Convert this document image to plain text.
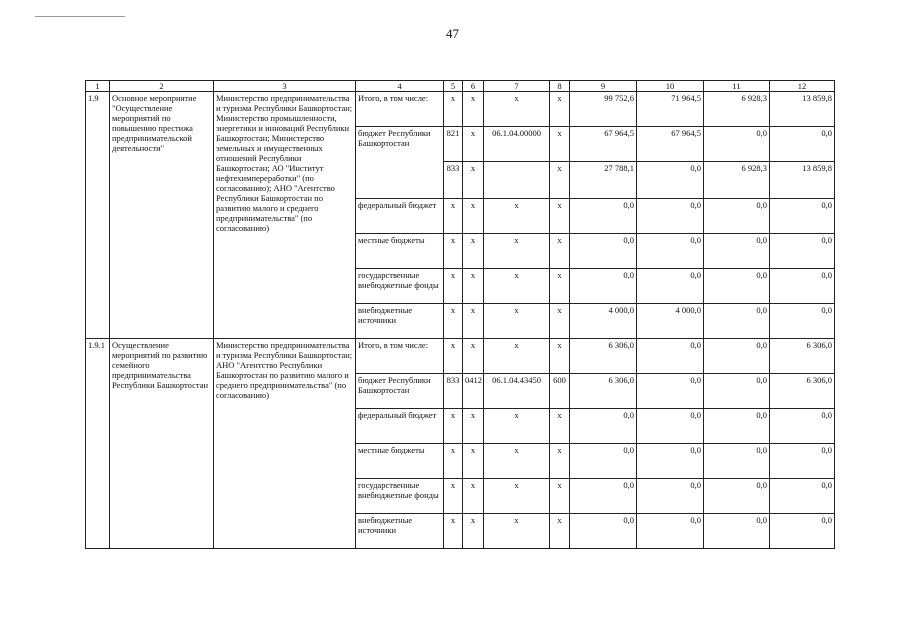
47
1	2	3	4	5	6	7	8	9	10	11	12
1.9	Основное мероприятие "Осуществление мероприятий по повышению престижа предпринимательской деятельности"	Министерство предпринимательства и туризма Республики Башкортостан; Министерство промышленности, энергетики и инноваций Республики Башкортостан; Министерство земельных и имущественных отношений Республики Башкортостан; АО "Институт нефтехимпереработки" (по согласованию); АНО "Агентство Республики Башкортостан по развитию малого и среднего предпринимательства" (по согласованию)	Итого, в том числе:	х	х	х	х	99 752,6	71 964,5	6 928,3	13 859,8
			бюджет Республики Башкортостан	821	х	06.1.04.00000	х	67 964,5	67 964,5	0,0	0,0
				833	х		х	27 788,1	0,0	6 928,3	13 859,8
			федеральный бюджет	х	х	х	х	0,0	0,0	0,0	0,0
			местные бюджеты	х	х	х	х	0,0	0,0	0,0	0,0
			государственные внебюджетные фонды	х	х	х	х	0,0	0,0	0,0	0,0
			внебюджетные источники	х	х	х	х	4 000,0	4 000,0	0,0	0,0
1.9.1	Осуществление мероприятий по развитию семейного предпринимательства Республики Башкортостан	Министерство предпринимательства и туризма Республики Башкортостан; АНО "Агентство Республики Башкортостан по развитию малого и среднего предпринимательства" (по согласованию)	Итого, в том числе:	х	х	х	х	6 306,0	0,0	0,0	6 306,0
			бюджет Республики Башкортостан	833	0412	06.1.04.43450	600	6 306,0	0,0	0,0	6 306,0
			федеральный бюджет	х	х	х	х	0,0	0,0	0,0	0,0
			местные бюджеты	х	х	х	х	0,0	0,0	0,0	0,0
			государственные внебюджетные фонды	х	х	х	х	0,0	0,0	0,0	0,0
			внебюджетные источники	х	х	х	х	0,0	0,0	0,0	0,0
